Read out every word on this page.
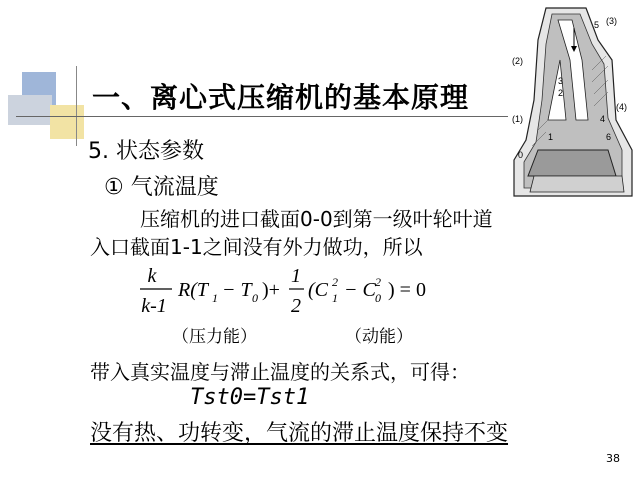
一、离心式压缩机的基本原理
5. 状态参数
① 气流温度
压缩机的进口截面0-0到第一级叶轮叶道
入口截面1-1之间没有外力做功，所以
k
k-1
R(T 1 − T 0 )+
1
2
(C 1
2 − C 0
2 ) = 0
（压力能）	（动能）
带入真实温度与滞止温度的关系式，可得：
Tst0=Tst1
没有热、功转变，气流的滞止温度保持不变
38
(2)
(1)
(3)
(4)
3
2
5
4
6
1
0
